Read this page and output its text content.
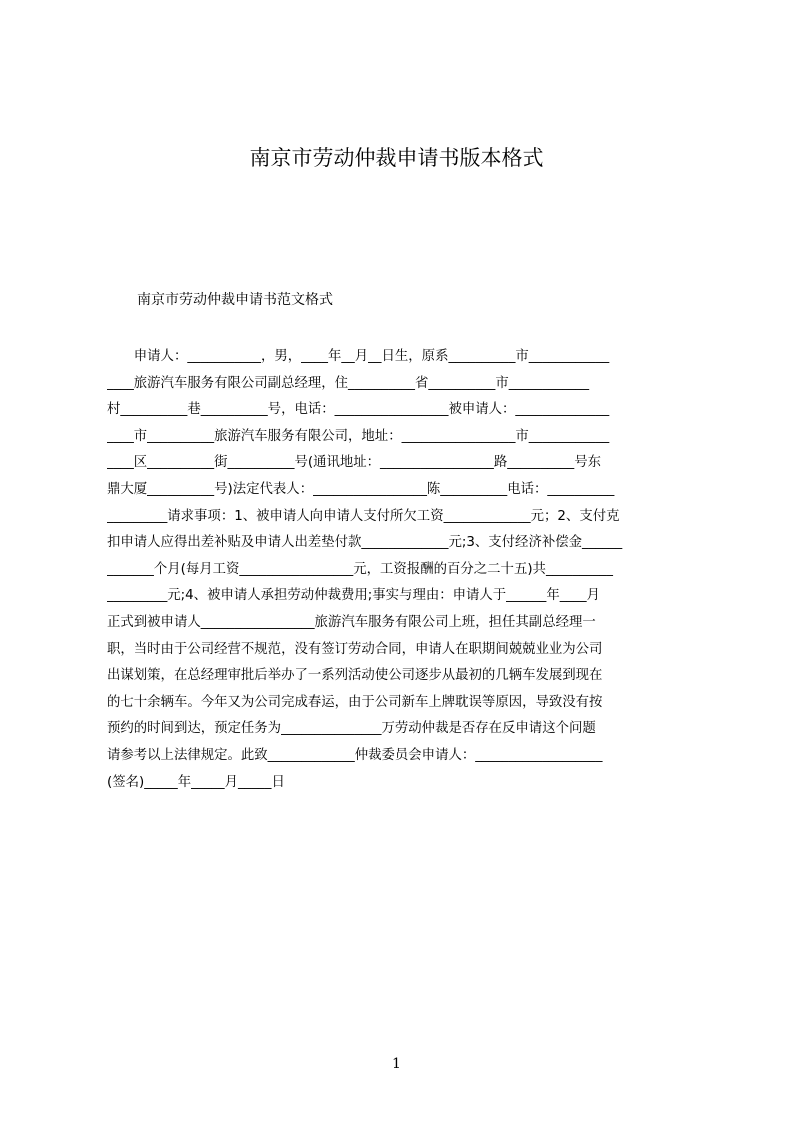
南京市劳动仲裁申请书版本格式
南京市劳动仲裁申请书范文格式
　　申请人：___________，男，____年__月__日生，原系__________市____________
____旅游汽车服务有限公司副总经理，住__________省__________市____________
村__________巷__________号，电话：_________________被申请人：______________
____市__________旅游汽车服务有限公司，地址：_________________市____________
____区__________街__________号(通讯地址：_________________路__________号东
鼎大厦__________号)法定代表人：_________________陈__________电话：__________
_________请求事项：1、被申请人向申请人支付所欠工资_____________元；2、支付克
扣申请人应得出差补贴及申请人出差垫付款_____________元;3、支付经济补偿金______
_______个月(每月工资_________________元，工资报酬的百分之二十五)共__________
_________元;4、被申请人承担劳动仲裁费用;事实与理由：申请人于______年____月
正式到被申请人_________________旅游汽车服务有限公司上班，担任其副总经理一
职，当时由于公司经营不规范，没有签订劳动合同，申请人在职期间兢兢业业为公司
出谋划策，在总经理审批后举办了一系列活动使公司逐步从最初的几辆车发展到现在
的七十余辆车。今年又为公司完成春运，由于公司新车上牌耽误等原因，导致没有按
预约的时间到达，预定任务为_______________万劳动仲裁是否存在反申请这个问题
请参考以上法律规定。此致_____________仲裁委员会申请人：___________________
(签名)_____年_____月_____日
1
